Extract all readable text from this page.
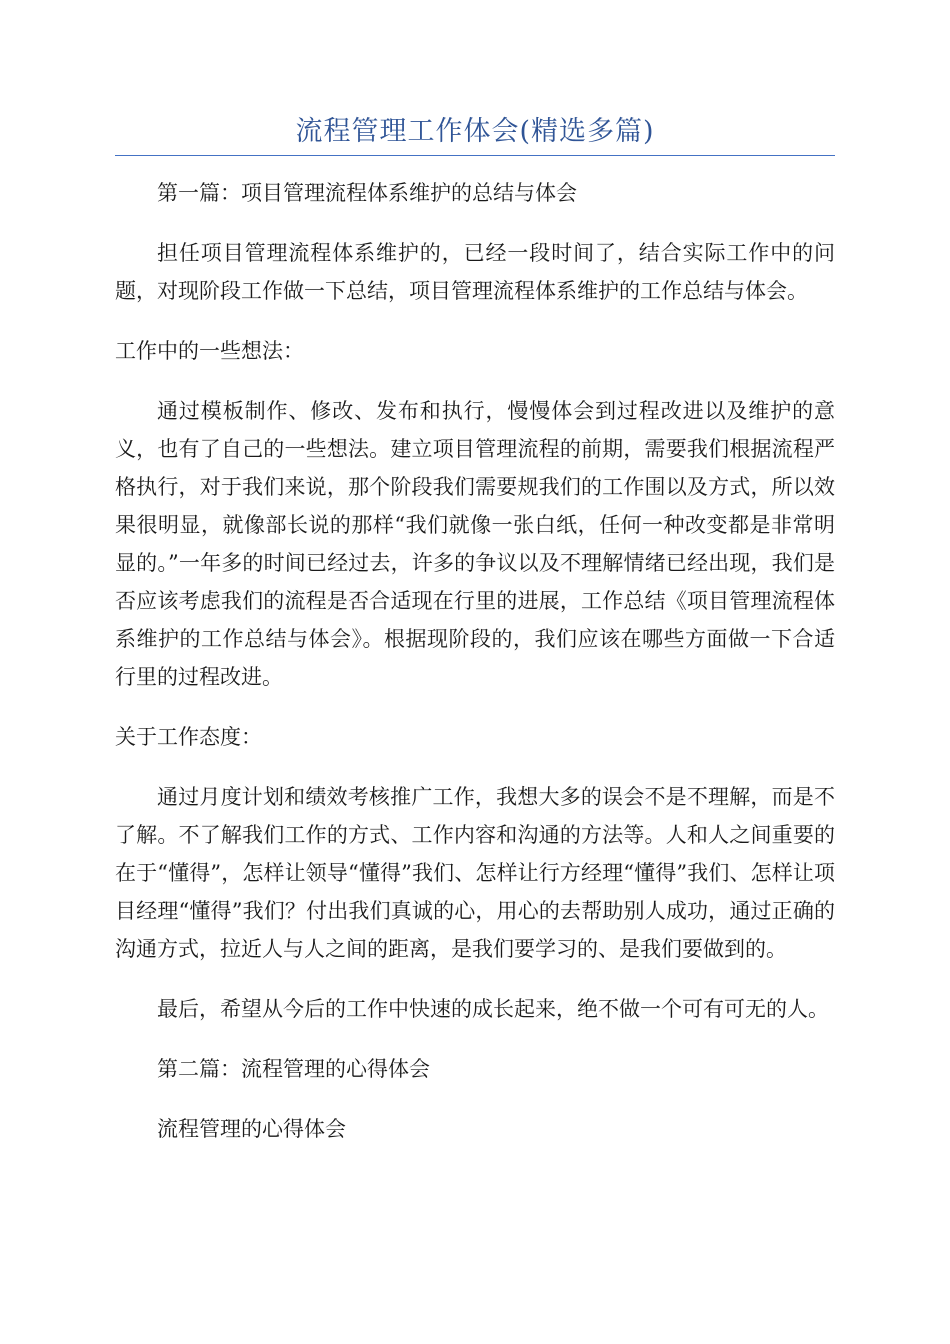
流程管理工作体会(精选多篇)

第一篇：项目管理流程体系维护的总结与体会

担任项目管理流程体系维护的，已经一段时间了，结合实际工作中的问题，对现阶段工作做一下总结，项目管理流程体系维护的工作总结与体会。

工作中的一些想法：

通过模板制作、修改、发布和执行，慢慢体会到过程改进以及维护的意义，也有了自己的一些想法。建立项目管理流程的前期，需要我们根据流程严格执行，对于我们来说，那个阶段我们需要规我们的工作围以及方式，所以效果很明显，就像部长说的那样“我们就像一张白纸，任何一种改变都是非常明显的。”一年多的时间已经过去，许多的争议以及不理解情绪已经出现，我们是否应该考虑我们的流程是否合适现在行里的进展，工作总结《项目管理流程体系维护的工作总结与体会》。根据现阶段的，我们应该在哪些方面做一下合适行里的过程改进。

关于工作态度：

通过月度计划和绩效考核推广工作，我想大多的误会不是不理解，而是不了解。不了解我们工作的方式、工作内容和沟通的方法等。人和人之间重要的在于“懂得”，怎样让领导“懂得”我们、怎样让行方经理“懂得”我们、怎样让项目经理“懂得”我们？付出我们真诚的心，用心的去帮助别人成功，通过正确的沟通方式，拉近人与人之间的距离，是我们要学习的、是我们要做到的。

最后，希望从今后的工作中快速的成长起来，绝不做一个可有可无的人。

第二篇：流程管理的心得体会

流程管理的心得体会
